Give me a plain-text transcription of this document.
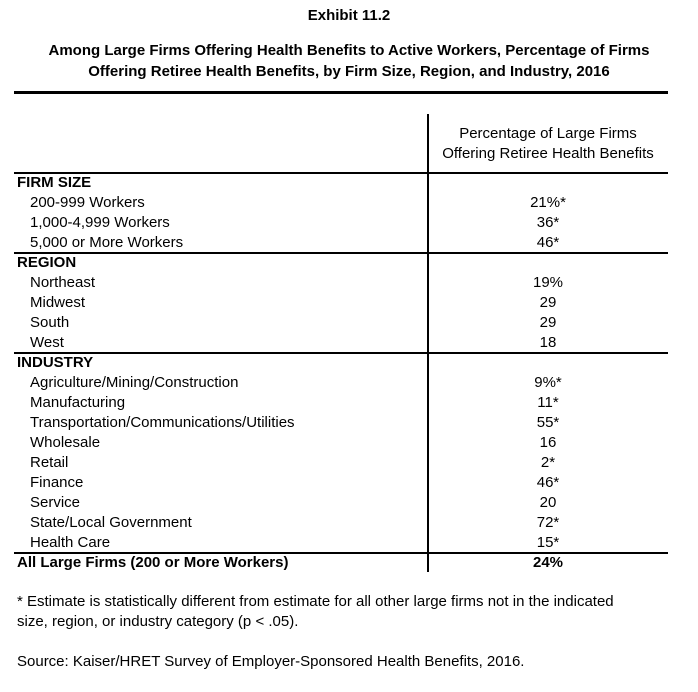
Exhibit 11.2
Among Large Firms Offering Health Benefits to Active Workers, Percentage of Firms
Offering Retiree Health Benefits, by Firm Size, Region, and Industry, 2016
Percentage of Large Firms
Offering Retiree Health Benefits
FIRM SIZE
200-999 Workers	21%*
1,000-4,999 Workers	36*
5,000 or More Workers	46*
REGION
Northeast	19%
Midwest	29
South	29
West	18
INDUSTRY
Agriculture/Mining/Construction	9%*
Manufacturing	11*
Transportation/Communications/Utilities	55*
Wholesale	16
Retail	2*
Finance	46*
Service	20
State/Local Government	72*
Health Care	15*
All Large Firms (200 or More Workers)	24%
* Estimate is statistically different from estimate for all other large firms not in the indicated
size, region, or industry category (p < .05).
Source: Kaiser/HRET Survey of Employer-Sponsored Health Benefits, 2016.
